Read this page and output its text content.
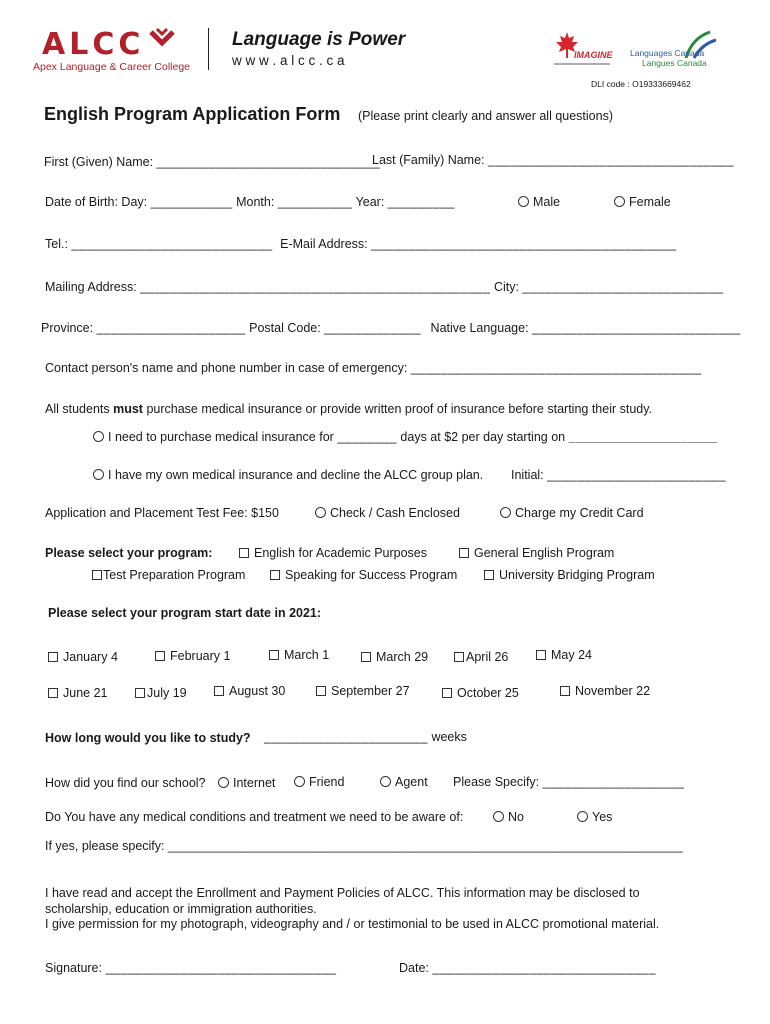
ALCC
Apex Language & Career College
Language is Power
w w w . a l c c . c a	IMAGINE Languages Canada
Langues Canada
DLI code : O19333669462
English Program Application Form (Please print clearly and answer all questions)
First (Given) Name: ______________________________
Last (Family) Name: _________________________________
Date of Birth: Day: ___________ Month: __________ Year: _________	Male	Female
Tel.: ___________________________ E-Mail Address: _________________________________________
Mailing Address: _______________________________________________ City: ___________________________
Province: ____________________ Postal Code: _____________ Native Language: ____________________________
Contact person's name and phone number in case of emergency: _______________________________________
All students must purchase medical insurance or provide written proof of insurance before starting their study.
I need to purchase medical insurance for ________ days at $2 per day starting on ____________________
I have my own medical insurance and decline the ALCC group plan. Initial: ________________________
Application and Placement Test Fee: $150	Check / Cash Enclosed	Charge my Credit Card
Please select your program:	English for Academic Purposes	General English Program
Test Preparation Program	Speaking for Success Program	University Bridging Program
Please select your program start date in 2021:
January 4	February 1	March 1	March 29	April 26	May 24
June 21	July 19	August 30	September 27	October 25	November 22
How long would you like to study? ______________________ weeks
How did you find our school?	Internet	Friend	Agent Please Specify: ___________________
Do You have any medical conditions and treatment we need to be aware of:	No	Yes
If yes, please specify: _______________________________________________________________________
I have read and accept the Enrollment and Payment Policies of ALCC. This information may be disclosed to
scholarship, education or immigration authorities.
I give permission for my photograph, videography and / or testimonial to be used in ALCC promotional material.
Signature: _______________________________	Date: ______________________________
